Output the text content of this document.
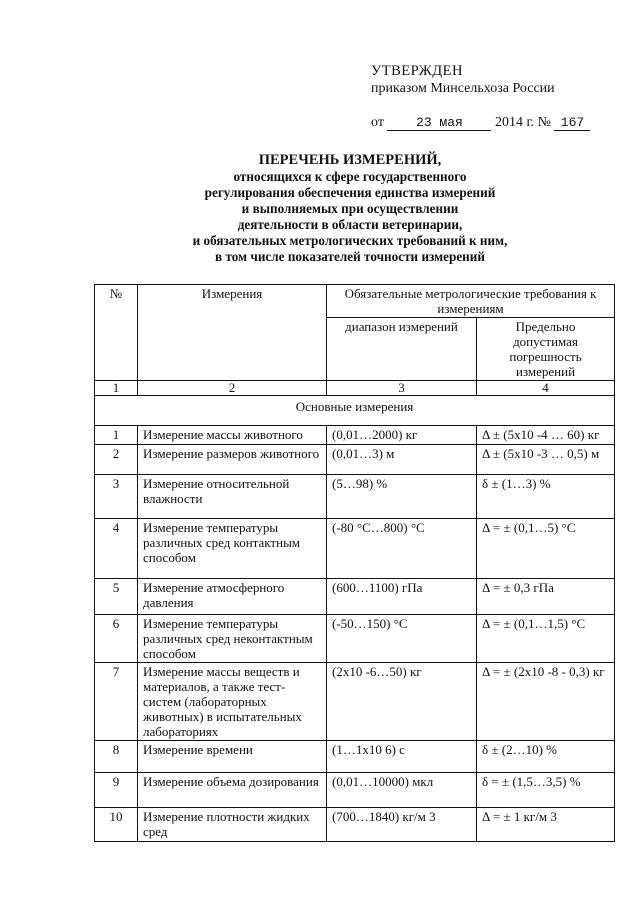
УТВЕРЖДЕН
приказом Минсельхоза России
от 23 мая 2014 г. № 167
ПЕРЕЧЕНЬ ИЗМЕРЕНИЙ,
относящихся к сфере государственного
регулирования обеспечения единства измерений
и выполняемых при осуществлении
деятельности в области ветеринарии,
и обязательных метрологических требований к ним,
в том числе показателей точности измерений
№	Измерения	Обязательные метрологические требования к измерениям	
		диапазон измерений	Предельно допустимая погрешность измерений
1	2	3	4
Основные измерения			
1	Измерение массы животного	(0,01…2000) кг	Δ ± (5x10 -4 … 60) кг
2	Измерение размеров животного	(0,01…3) м	Δ ± (5x10 -3 … 0,5) м
3	Измерение относительной влажности	(5…98) %	δ ± (1…3) %
4	Измерение температуры различных сред контактным способом	(-80 °C…800) °C	Δ = ± (0,1…5) °C
5	Измерение атмосферного давления	(600…1100) гПа	Δ = ± 0,3 гПа
6	Измерение температуры различных сред неконтактным способом	(-50…150) °C	Δ = ± (0,1…1,5) °C
7	Измерение массы веществ и материалов, а также тест-систем (лабораторных животных) в испытательных лабораториях	(2x10 -6…50) кг	Δ = ± (2x10 -8 - 0,3) кг
8	Измерение времени	(1…1x10 6) с	δ ± (2…10) %
9	Измерение объема дозирования	(0,01…10000) мкл	δ = ± (1,5…3,5) %
10	Измерение плотности жидких сред	(700…1840) кг/м 3	Δ = ± 1 кг/м 3
